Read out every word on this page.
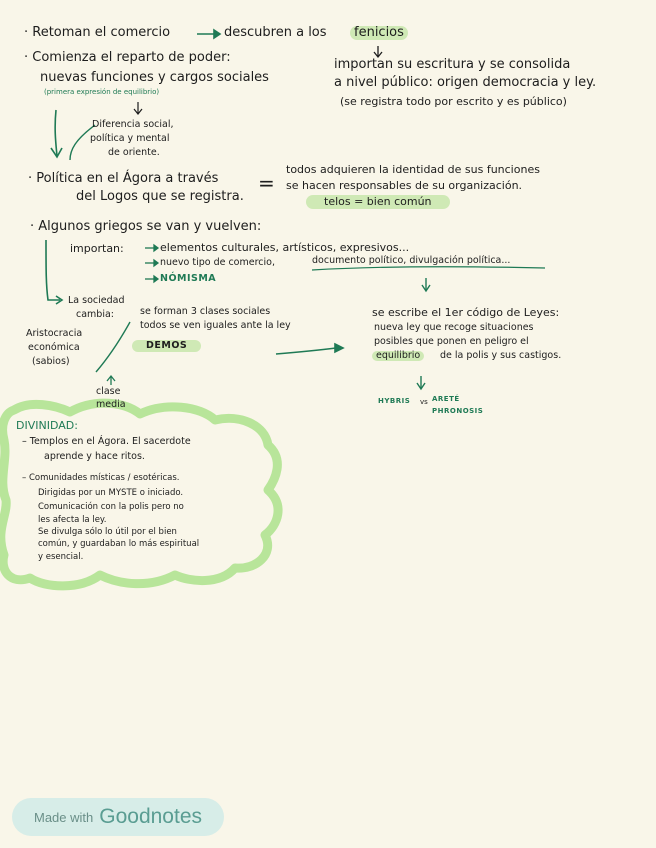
· Retoman el comercio	descubren a los	fenicios
importan su escritura y se consolida
a nivel público: origen democracia y ley.
(se registra todo por escrito y es público)
· Comienza el reparto de poder:
nuevas funciones y cargos sociales
(primera expresión de equilibrio)
Diferencia social,
política y mental
de oriente.
· Política en el Ágora a través
del Logos que se registra.
=
todos adquieren la identidad de sus funciones
se hacen responsables de su organización.
telos = bien común
· Algunos griegos se van y vuelven:
importan:	elementos culturales, artísticos, expresivos...
nuevo tipo de comercio,	documento político, divulgación política...
NÓMISMA
La sociedad
cambia:	se forman 3 clases sociales
todos se ven iguales ante la ley
DEMOS
Aristocracia
económica
(sabios)
clase
media
se escribe el 1er código de Leyes:
nueva ley que recoge situaciones
posibles que ponen en peligro el
equilibrio	de la polis y sus castigos.
HYBRIS vs ARETÉ
PHRONOSIS
DIVINIDAD:
– Templos en el Ágora. El sacerdote
aprende y hace ritos.
– Comunidades místicas / esotéricas.
Dirigidas por un MYSTE o iniciado.
Comunicación con la polis pero no
les afecta la ley.
Se divulga sólo lo útil por el bien
común, y guardaban lo más espiritual
y esencial.
Made with Goodnotes
